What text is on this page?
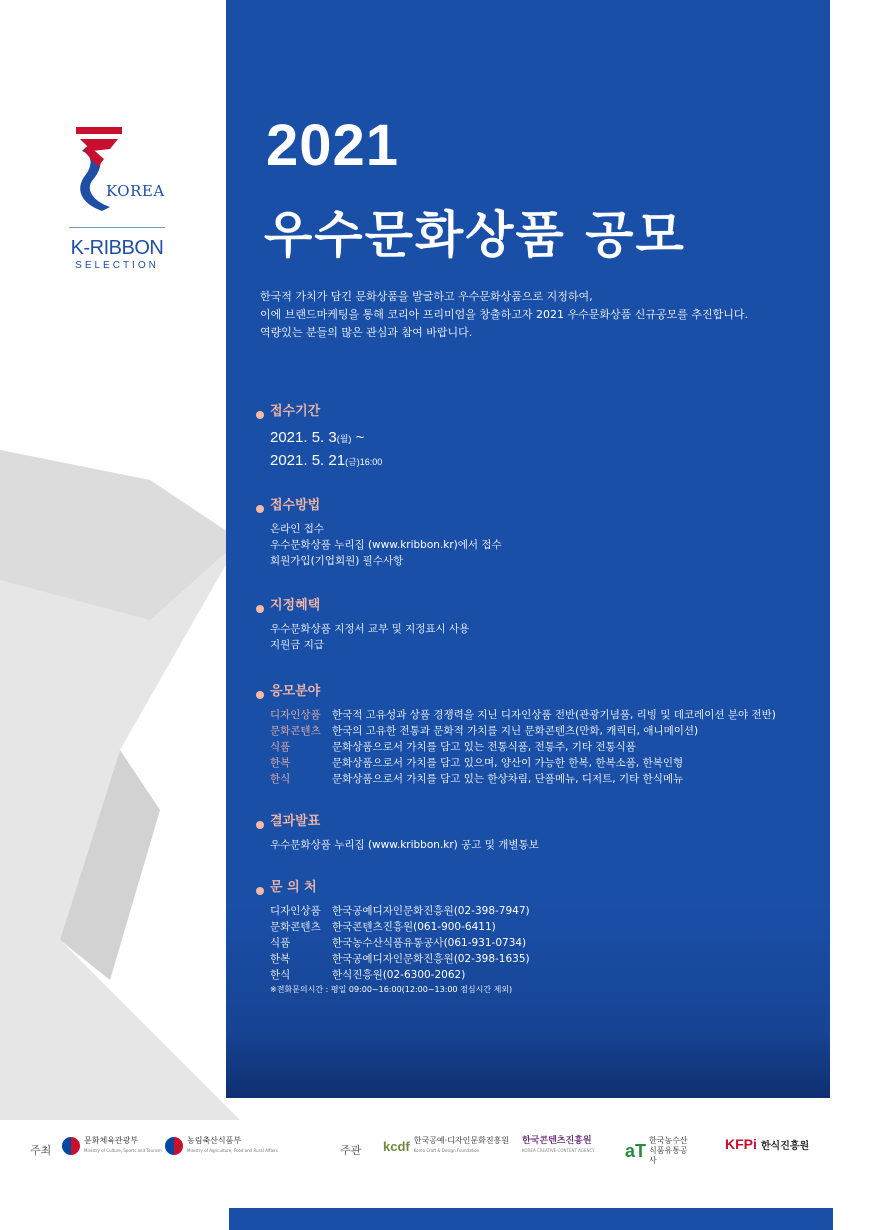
KOREA
K-RIBBON
SELECTION
2021
우수문화상품 공모
한국적 가치가 담긴 문화상품을 발굴하고 우수문화상품으로 지정하여,
이에 브랜드마케팅을 통해 코리아 프리미엄을 창출하고자 2021 우수문화상품 신규공모를 추진합니다.
역량있는 분들의 많은 관심과 참여 바랍니다.
접수기간
2021. 5. 3(월) ~
2021. 5. 21(금)16:00
접수방법
온라인 접수
우수문화상품 누리집 (www.kribbon.kr)에서 접수
회원가입(기업회원) 필수사항
지정혜택
우수문화상품 지정서 교부 및 지정표시 사용
지원금 지급
응모분야
디자인상품	한국적 고유성과 상품 경쟁력을 지닌 디자인상품 전반(관광기념품, 리빙 및 데코레이션 분야 전반)
문화콘텐츠	한국의 고유한 전통과 문화적 가치를 지닌 문화콘텐츠(만화, 캐릭터, 애니메이션)
식품	문화상품으로서 가치를 담고 있는 전통식품, 전통주, 기타 전통식품
한복	문화상품으로서 가치를 담고 있으며, 양산이 가능한 한복, 한복소품, 한복인형
한식	문화상품으로서 가치를 담고 있는 한상차림, 단품메뉴, 디저트, 기타 한식메뉴
결과발표
우수문화상품 누리집 (www.kribbon.kr) 공고 및 개별통보
문 의 처
디자인상품	한국공예디자인문화진흥원(02-398-7947)
문화콘텐츠	한국콘텐츠진흥원(061-900-6411)
식품	한국농수산식품유통공사(061-931-0734)
한복	한국공예디자인문화진흥원(02-398-1635)
한식	한식진흥원(02-6300-2062)
※전화문의시간 : 평일 09:00~16:00(12:00~13:00 점심시간 제외)
주최
문화체육관광부
Ministry of Culture, Sports and Tourism
농림축산식품부
Ministry of Agriculture, Food and Rural Affairs	주관 kcdf 한국공예·디자인문화진흥원
Korea Craft & Design Foundation
한국콘텐츠진흥원
KOREA CREATIVE CONTENT AGENCY aT 한국농수산식품유통공사
KFPi 한식진흥원
